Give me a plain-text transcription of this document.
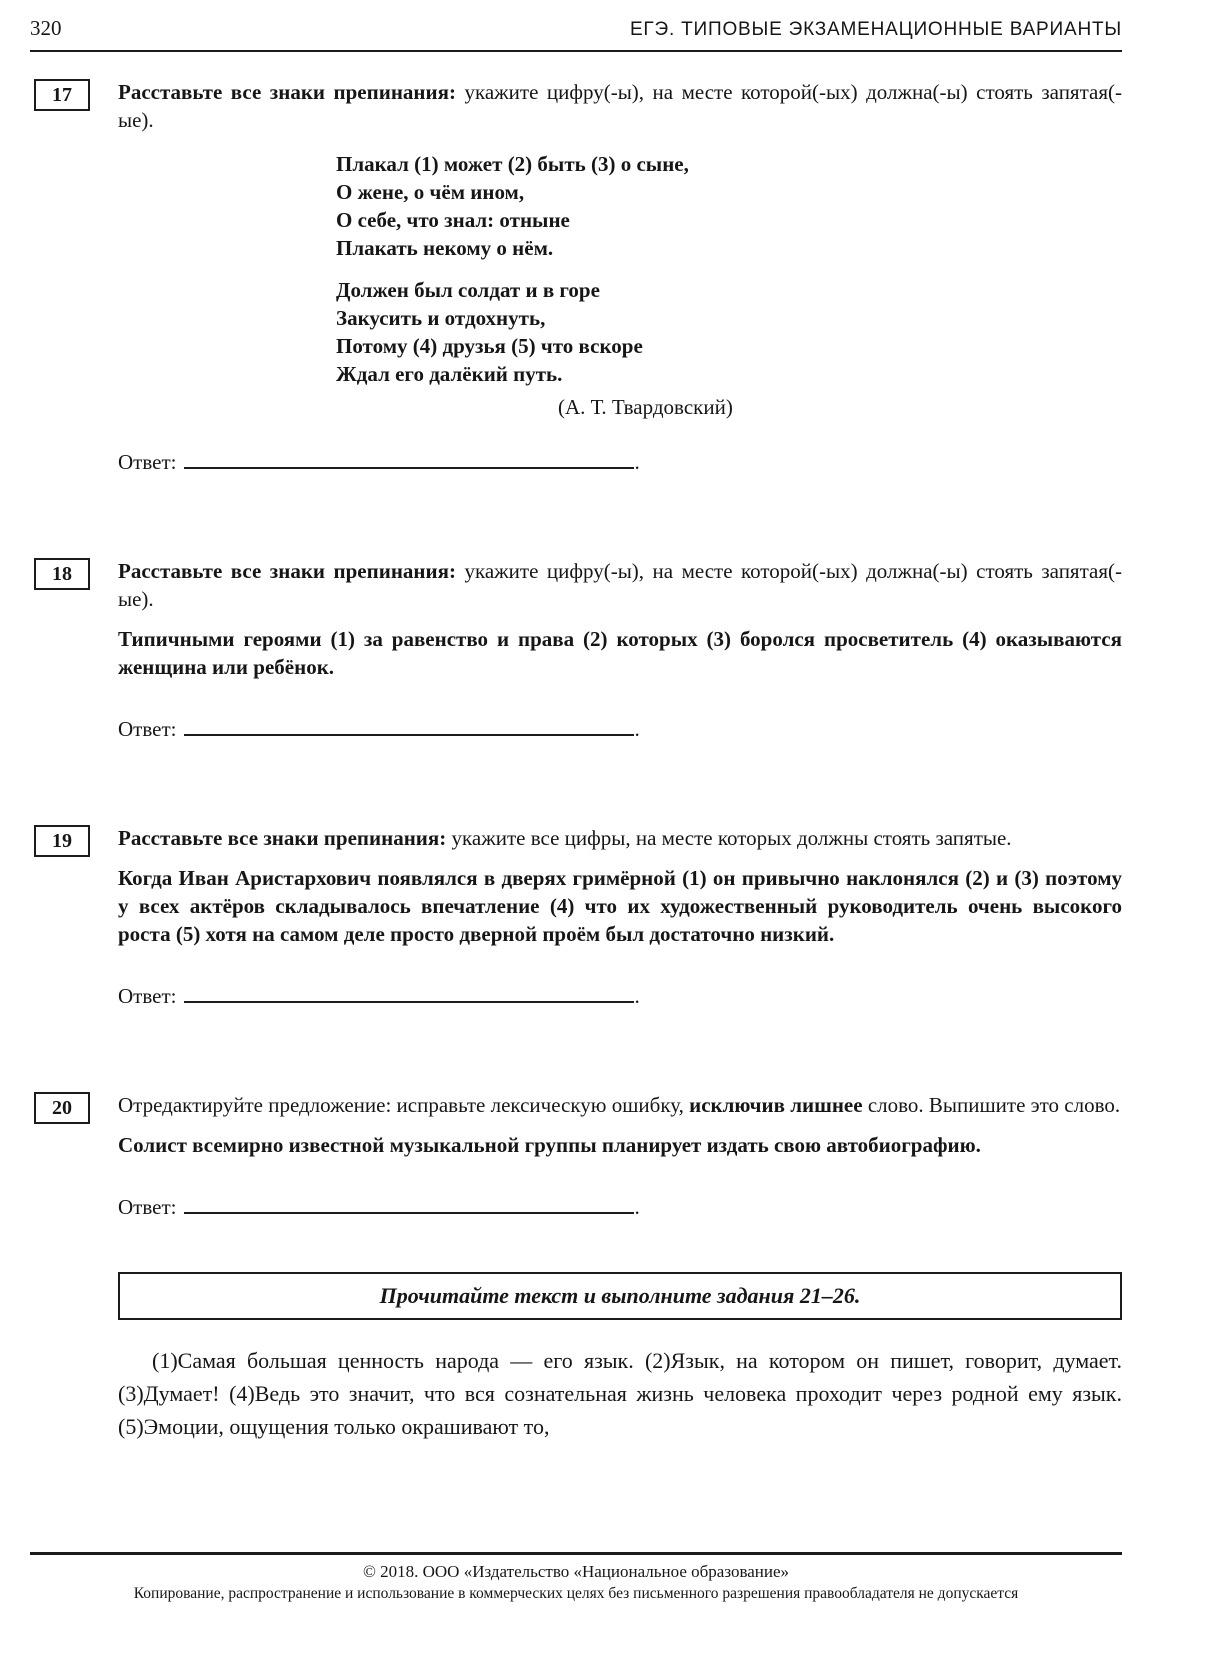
320	ЕГЭ. ТИПОВЫЕ ЭКЗАМЕНАЦИОННЫЕ ВАРИАНТЫ
17 Расставьте все знаки препинания: укажите цифру(-ы), на месте которой(-ых) должна(-ы) стоять запятая(-ые).

Плакал (1) может (2) быть (3) о сыне,
О жене, о чём ином,
О себе, что знал: отныне
Плакать некому о нём.
Должен был солдат и в горе
Закусить и отдохнуть,
Потому (4) друзья (5) что вскоре
Ждал его далёкий путь.
(А. Т. Твардовский)

Ответ:	.

18 Расставьте все знаки препинания: укажите цифру(-ы), на месте которой(-ых) должна(-ы) стоять запятая(-ые).

Типичными героями (1) за равенство и права (2) которых (3) боролся просветитель (4) оказываются женщина или ребёнок.

Ответ:	.

19 Расставьте все знаки препинания: укажите все цифры, на месте которых должны стоять запятые.

Когда Иван Аристархович появлялся в дверях гримёрной (1) он привычно наклонялся (2) и (3) поэтому у всех актёров складывалось впечатление (4) что их художественный руководитель очень высокого роста (5) хотя на самом деле просто дверной проём был достаточно низкий.

Ответ:	.

20 Отредактируйте предложение: исправьте лексическую ошибку, исключив лишнее слово. Выпишите это слово.

Солист всемирно известной музыкальной группы планирует издать свою автобиографию.

Ответ:	.

Прочитайте текст и выполните задания 21–26.

(1)Самая большая ценность народа — его язык. (2)Язык, на котором он пишет, говорит, думает. (3)Думает! (4)Ведь это значит, что вся сознательная жизнь человека проходит через родной ему язык. (5)Эмоции, ощущения только окрашивают то,

© 2018. ООО «Издательство «Национальное образование»

Копирование, распространение и использование в коммерческих целях без письменного разрешения правообладателя не допускается
